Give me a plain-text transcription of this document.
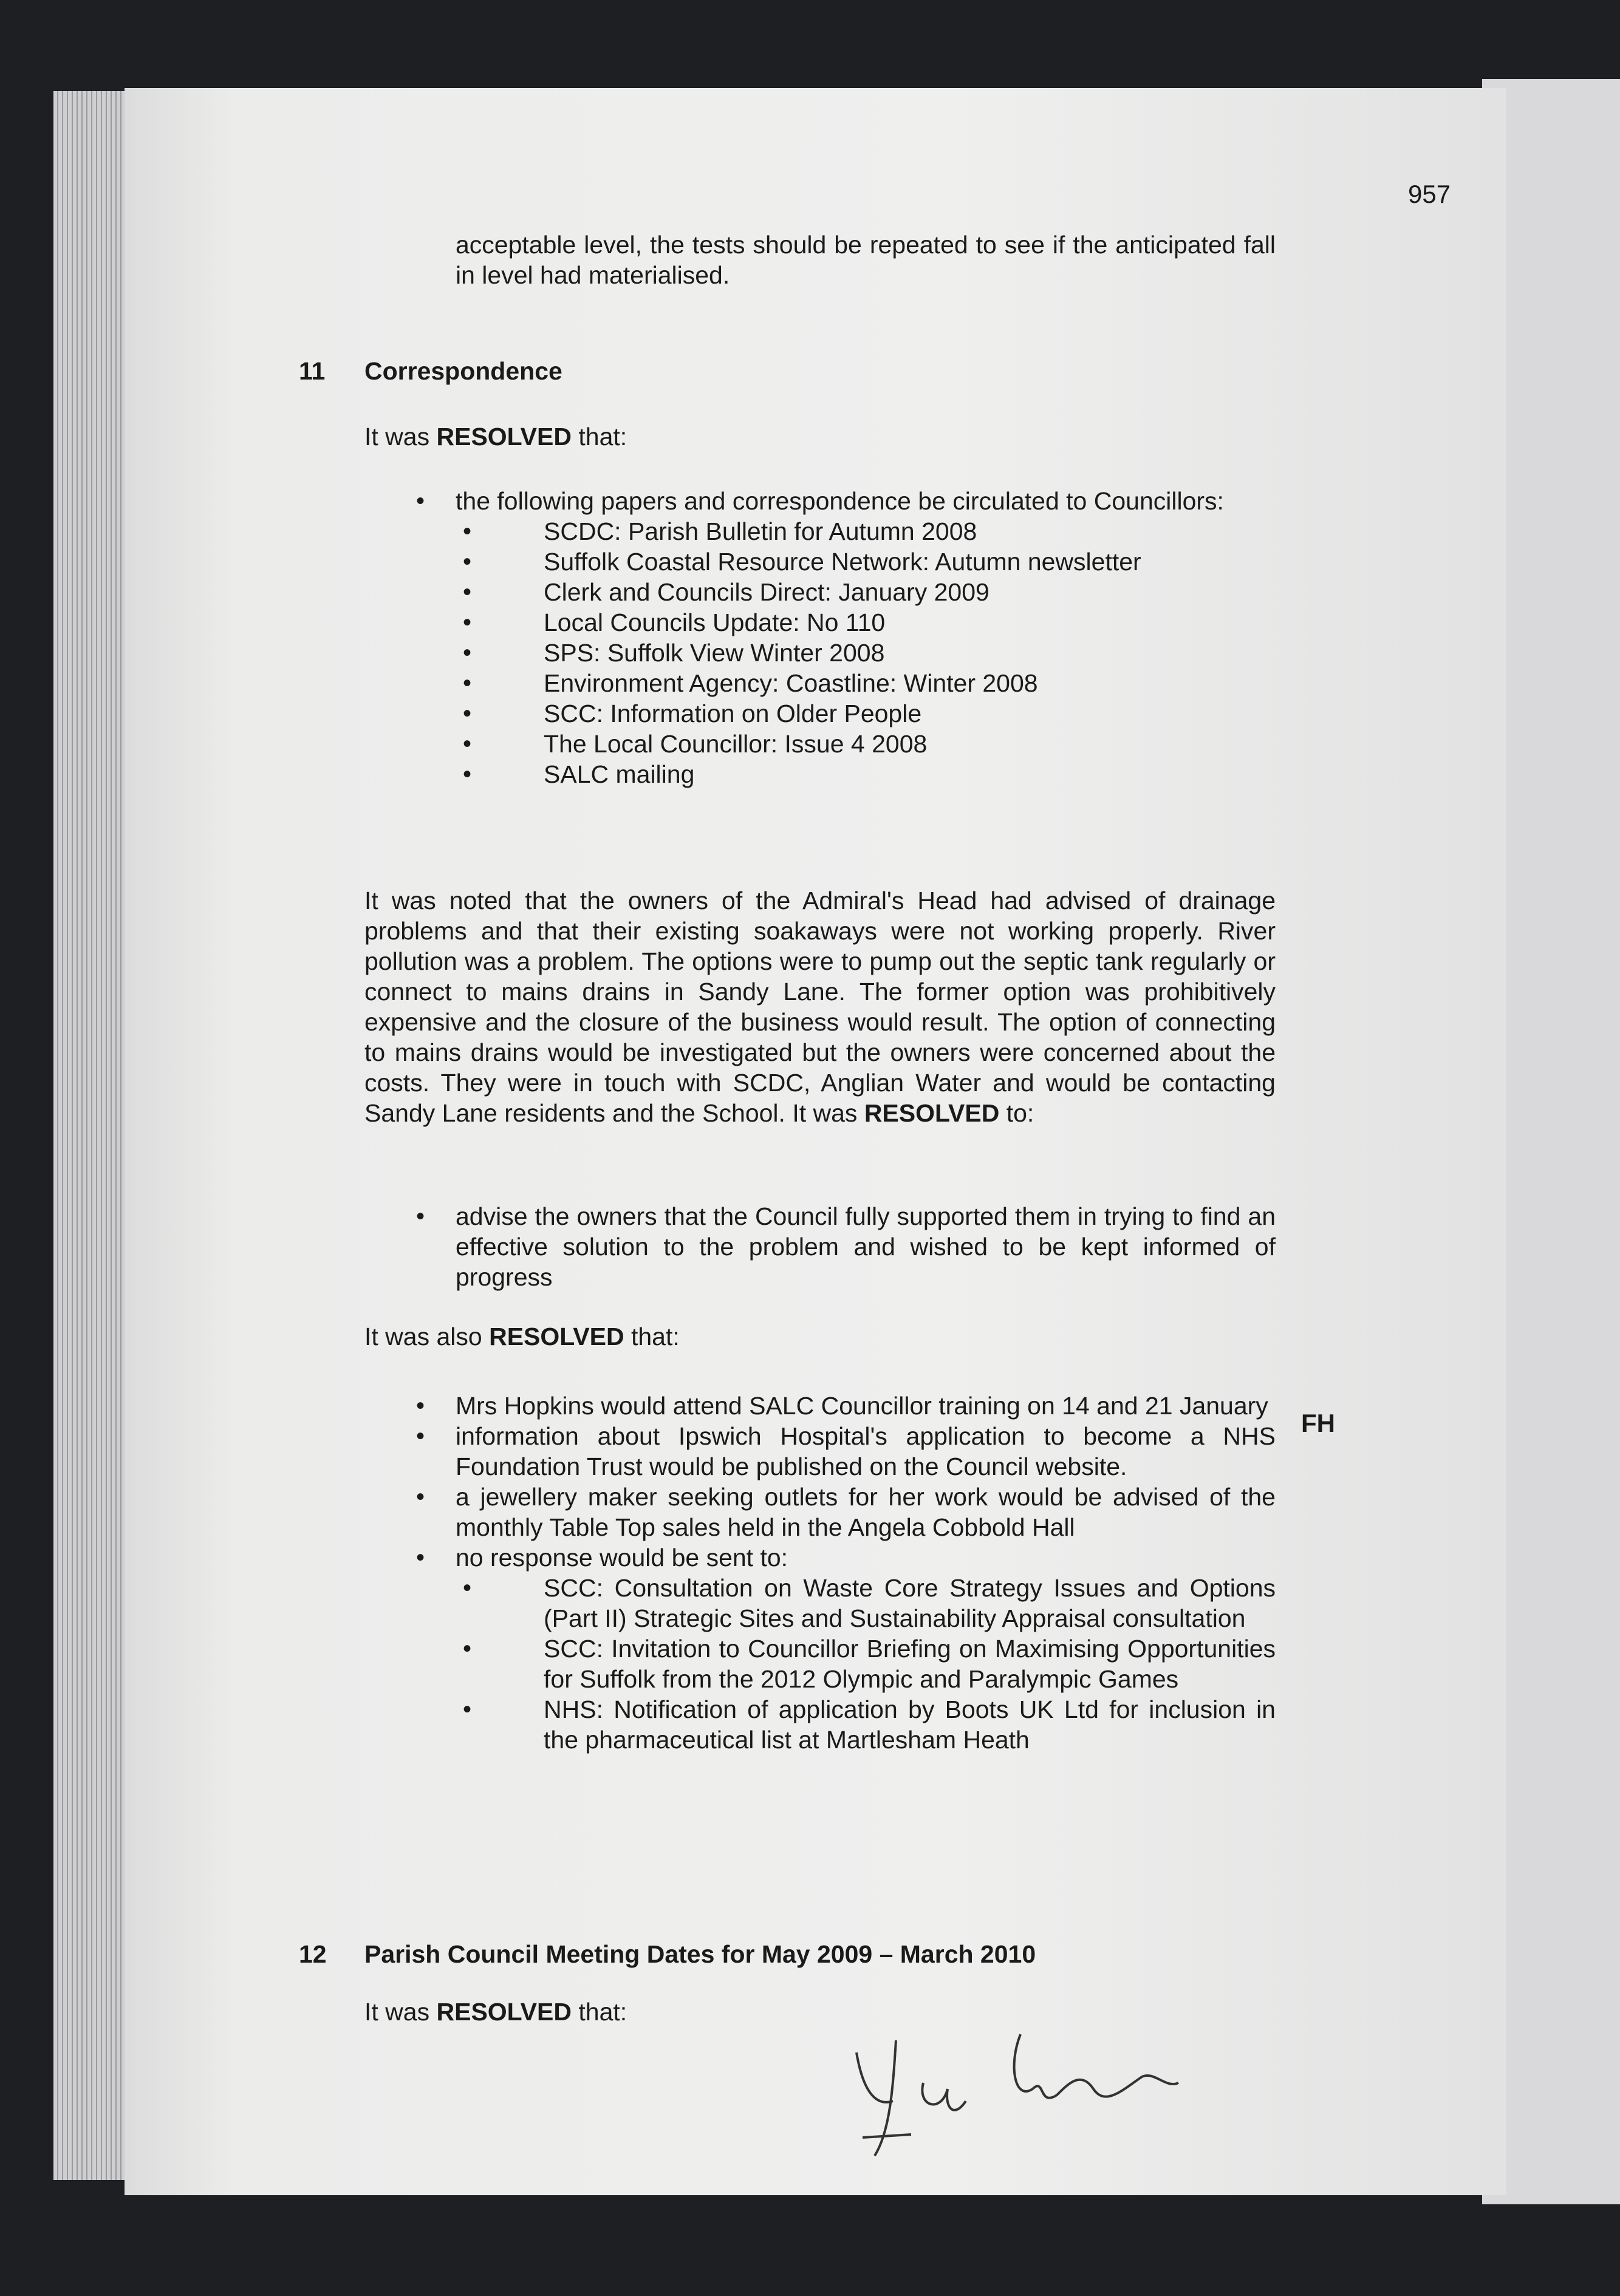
957
acceptable level, the tests should be repeated to see if the anticipated fall in level had materialised.
11 Correspondence
It was RESOLVED that:
• the following papers and correspondence be circulated to Councillors:
• SCDC: Parish Bulletin for Autumn 2008
• Suffolk Coastal Resource Network: Autumn newsletter
• Clerk and Councils Direct: January 2009
• Local Councils Update: No 110
• SPS: Suffolk View Winter 2008
• Environment Agency: Coastline: Winter 2008
• SCC: Information on Older People
• The Local Councillor: Issue 4 2008
• SALC mailing
It was noted that the owners of the Admiral's Head had advised of drainage problems and that their existing soakaways were not working properly. River pollution was a problem. The options were to pump out the septic tank regularly or connect to mains drains in Sandy Lane. The former option was prohibitively expensive and the closure of the business would result. The option of connecting to mains drains would be investigated but the owners were concerned about the costs. They were in touch with SCDC, Anglian Water and would be contacting Sandy Lane residents and the School. It was RESOLVED to:
• advise the owners that the Council fully supported them in trying to find an effective solution to the problem and wished to be kept informed of progress
It was also RESOLVED that:
• Mrs Hopkins would attend SALC Councillor training on 14 and 21 January
• information about Ipswich Hospital's application to become a NHS Foundation Trust would be published on the Council website.
• a jewellery maker seeking outlets for her work would be advised of the monthly Table Top sales held in the Angela Cobbold Hall
• no response would be sent to:
• SCC: Consultation on Waste Core Strategy Issues and Options (Part II) Strategic Sites and Sustainability Appraisal consultation
• SCC: Invitation to Councillor Briefing on Maximising Opportunities for Suffolk from the 2012 Olympic and Paralympic Games
• NHS: Notification of application by Boots UK Ltd for inclusion in the pharmaceutical list at Martlesham Heath
FH
12 Parish Council Meeting Dates for May 2009 – March 2010
It was RESOLVED that:
